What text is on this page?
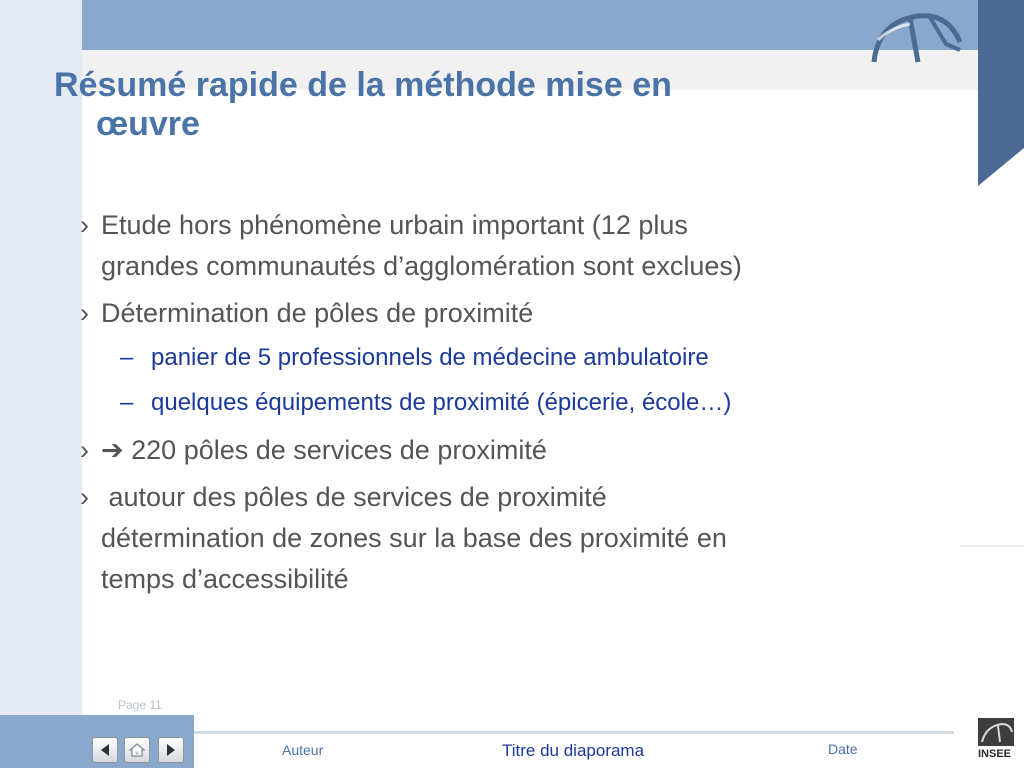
Résumé rapide de la méthode mise en
œuvre
› Etude hors phénomène urbain important (12 plus
grandes communautés d’agglomération sont exclues)
› Détermination de pôles de proximité
– panier de 5 professionnels de médecine ambulatoire
– quelques équipements de proximité (épicerie, école…)
› ➔ 220 pôles de services de proximité
› autour des pôles de services de proximité
détermination de zones sur la base des proximité en
temps d’accessibilité
Page 11
Auteur	Titre du diaporama	Date	INSEE
